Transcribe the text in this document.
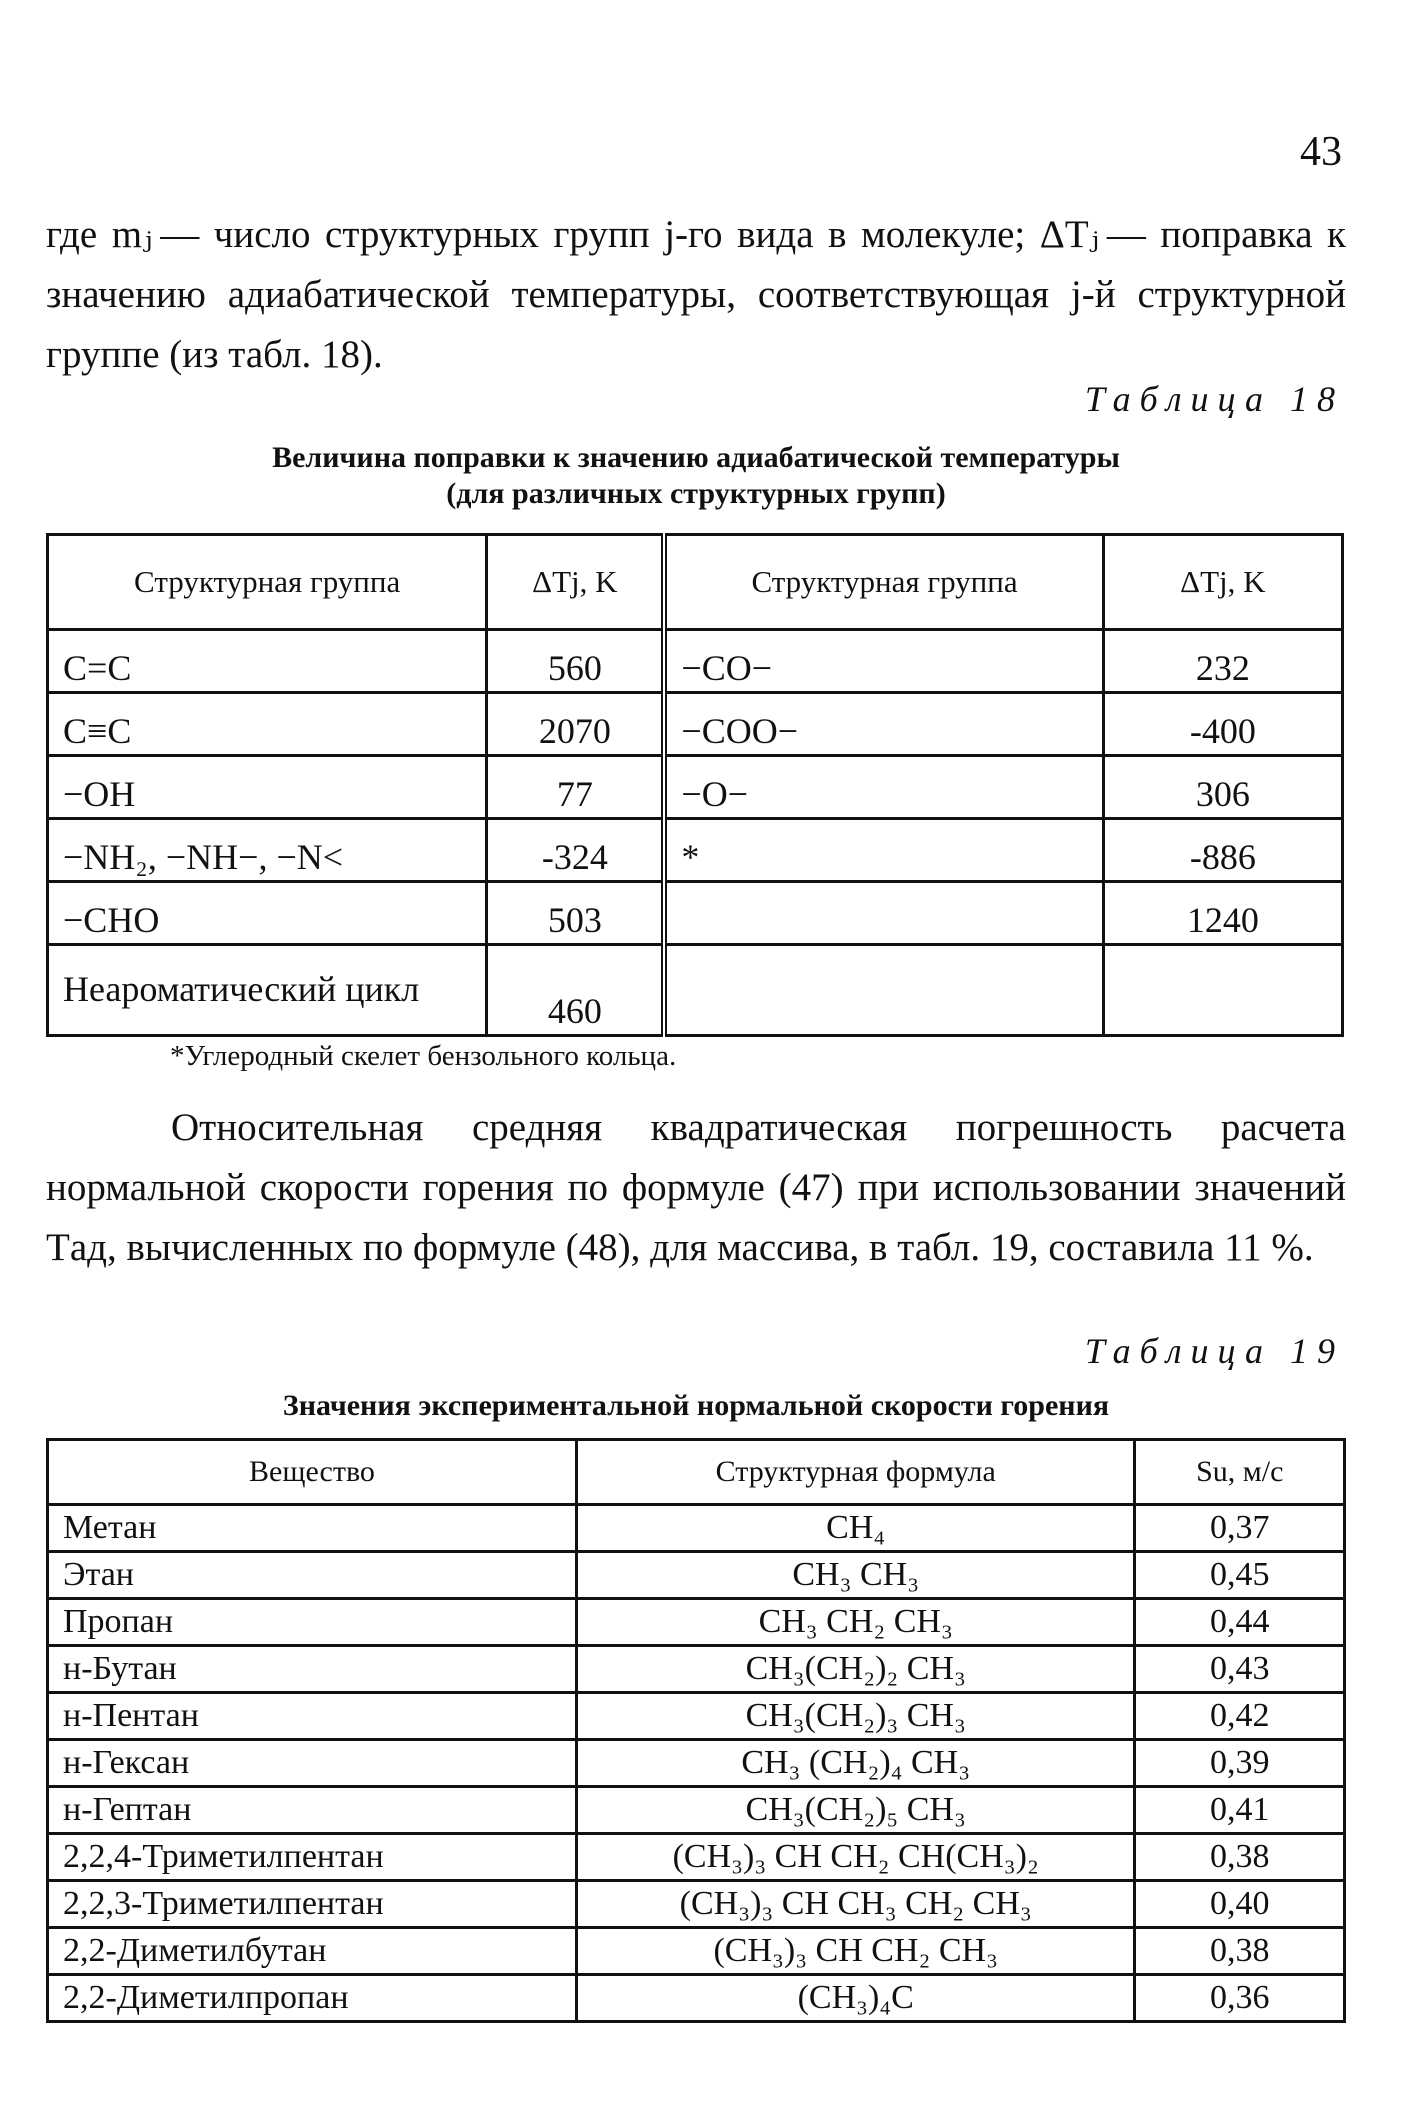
43

где mⱼ — число структурных групп j-го вида в молекуле; ΔTⱼ — поправка к значению адиабатической температуры, соответствующая j-й структурной группе (из табл. 18).

Таблица 18
Величина поправки к значению адиабатической температуры
(для различных структурных групп)
Структурная группа	ΔTj, K	Структурная группа	ΔTj, K
C=C	560	−CO−	232
C≡C	2070	−COO−	-400
−OH	77	−O−	306
−NH₂, −NH−, −N<	-324	*	-886
−CHO	503		1240
Неароматический цикл	460		
*Углеродный скелет бензольного кольца.

Относительная средняя квадратическая погрешность расчета нормальной скорости горения по формуле (47) при использовании значений Tад, вычисленных по формуле (48), для массива, в табл. 19, составила 11 %.

Таблица 19
Значения экспериментальной нормальной скорости горения
Вещество	Структурная формула	Su, м/с
Метан	CH₄	0,37
Этан	CH₃ CH₃	0,45
Пропан	CH₃ CH₂ CH₃	0,44
н-Бутан	CH₃(CH₂)₂ CH₃	0,43
н-Пентан	CH₃(CH₂)₃ CH₃	0,42
н-Гексан	CH₃ (CH₂)₄ CH₃	0,39
н-Гептан	CH₃(CH₂)₅ CH₃	0,41
2,2,4-Триметилпентан	(CH₃)₃ CH CH₂ CH(CH₃)₂	0,38
2,2,3-Триметилпентан	(CH₃)₃ CH CH₃ CH₂ CH₃	0,40
2,2-Диметилбутан	(CH₃)₃ CH CH₂ CH₃	0,38
2,2-Диметилпропан	(CH₃)₄C	0,36
